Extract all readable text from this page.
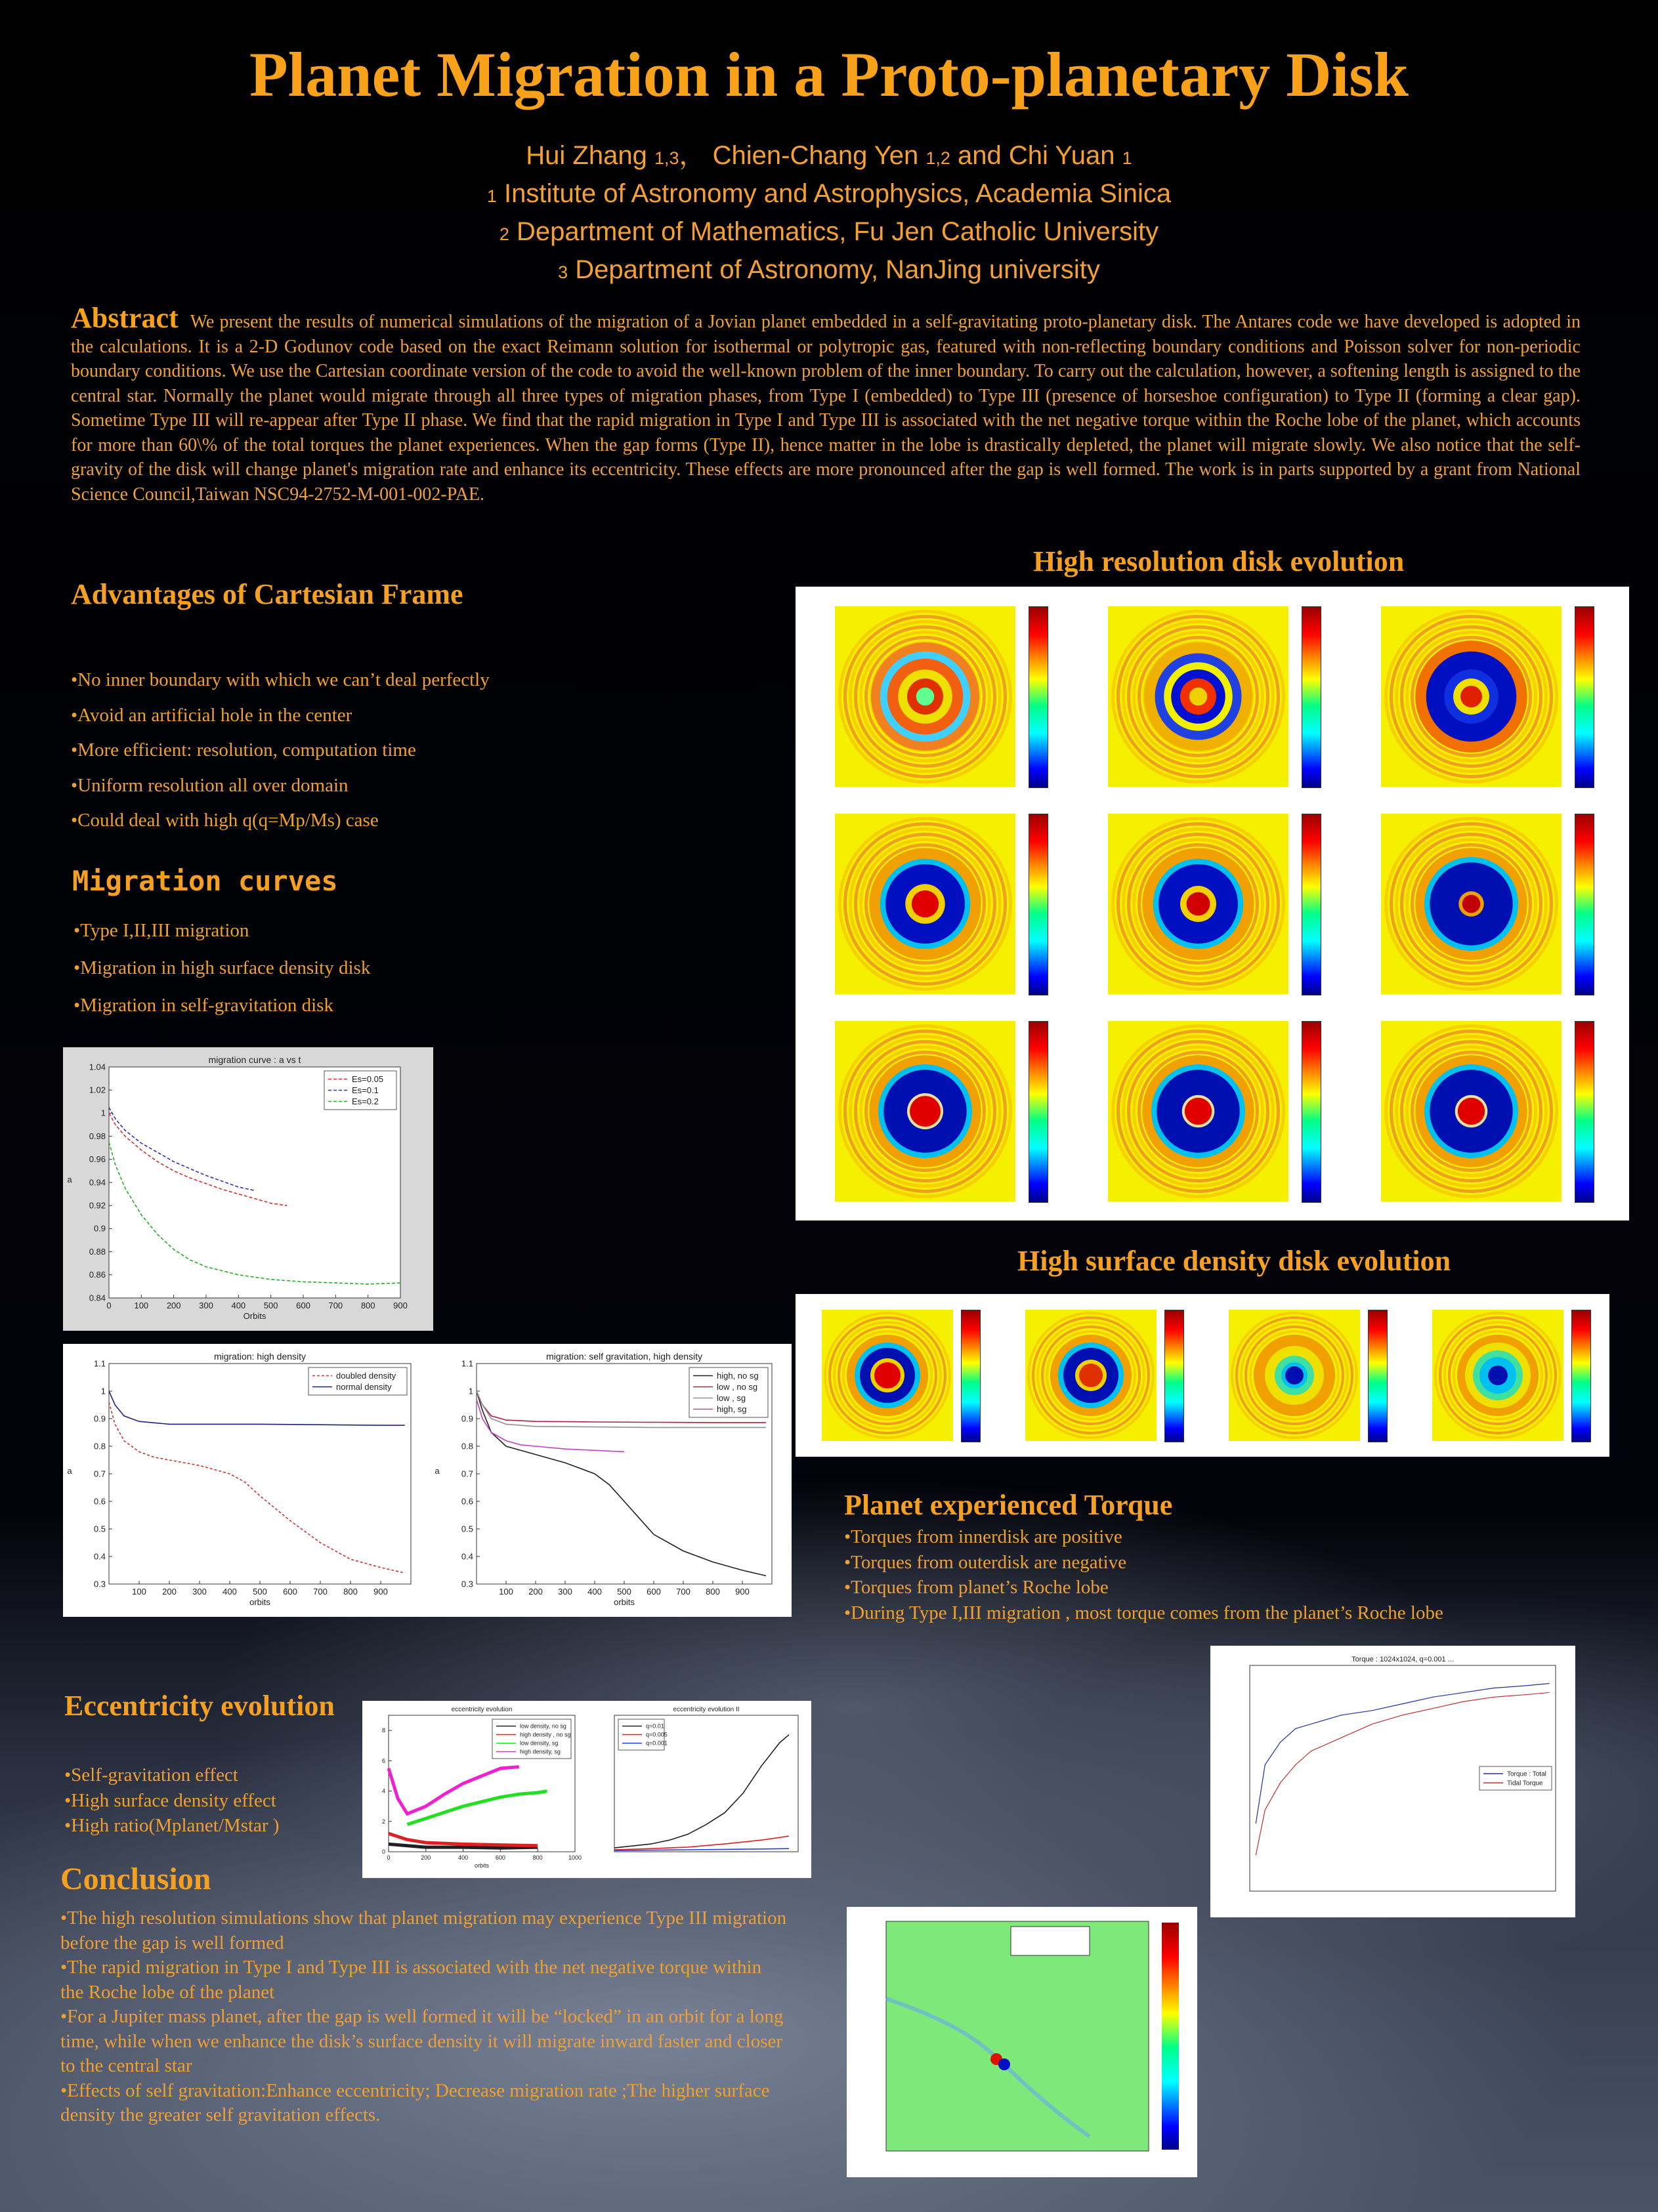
Planet Migration in a Proto-planetary Disk
Hui Zhang 1,3， Chien-Chang Yen 1,2 and Chi Yuan 1
1 Institute of Astronomy and Astrophysics, Academia Sinica
2 Department of Mathematics, Fu Jen Catholic University
3 Department of Astronomy, NanJing university
Abstract We present the results of numerical simulations of the migration of a Jovian planet embedded in a self-gravitating proto-planetary disk. The Antares code we have developed is adopted in the calculations. It is a 2-D Godunov code based on the exact Reimann solution for isothermal or polytropic gas, featured with non-reflecting boundary conditions and Poisson solver for non-periodic boundary conditions. We use the Cartesian coordinate version of the code to avoid the well-known problem of the inner boundary. To carry out the calculation, however, a softening length is assigned to the central star. Normally the planet would migrate through all three types of migration phases, from Type I (embedded) to Type III (presence of horseshoe configuration) to Type II (forming a clear gap). Sometime Type III will re-appear after Type II phase. We find that the rapid migration in Type I and Type III is associated with the net negative torque within the Roche lobe of the planet, which accounts for more than 60\% of the total torques the planet experiences. When the gap forms (Type II), hence matter in the lobe is drastically depleted, the planet will migrate slowly. We also notice that the self-gravity of the disk will change planet's migration rate and enhance its eccentricity. These effects are more pronounced after the gap is well formed. The work is in parts supported by a grant from National Science Council,Taiwan NSC94-2752-M-001-002-PAE.
Advantages of Cartesian Frame
•No inner boundary with which we can’t deal perfectly
•Avoid an artificial hole in the center
•More efficient: resolution, computation time
•Uniform resolution all over domain
•Could deal with high q(q=Mp/Ms) case
Migration curves
•Type I,II,III migration
•Migration in high surface density disk
•Migration in self-gravitation disk
migration curve : a vs t
0	100 200 300 400 500 600 700 800 900
0.84
0.86
0.88
0.9
0.92
0.94
0.96
0.98
1
1.02
1.04
Orbits
a
Es=0.05
Es=0.1
Es=0.2
migration: high density
100 200 300 400 500 600 700 800 900
0.3
0.4
0.5
0.6
0.7
0.8
0.9
1
1.1
orbits
a
doubled density
normal density
migration: self gravitation, high density
100 200 300 400 500 600 700 800 900
0.3
0.4
0.5
0.6
0.7
0.8
0.9
1
1.1
orbits
a
high, no sg
low , no sg
low , sg
high, sg
High resolution disk evolution
High surface density disk evolution
Planet experienced Torque
•Torques from innerdisk are positive
•Torques from outerdisk are negative
•Torques from planet’s Roche lobe
•During Type I,III migration , most torque comes from the planet’s Roche lobe
Torque : 1024x1024, q=0.001 ...
Torque : Total
Tidal Torque
Eccentricity evolution
•Self-gravitation effect
•High surface density effect
•High ratio(Mplanet/Mstar )
eccentricity evolution
0	200	400	600	800	1000
0
2
4
6
8
orbits
low density, no sg
high density , no sg
low density, sg
high density, sg
eccentricity evolution II
q=0.01
q=0.005
q=0.001
Conclusion
•The high resolution simulations show that planet migration may experience Type III migration before the gap is well formed
•The rapid migration in Type I and Type III is associated with the net negative torque within the Roche lobe of the planet
•For a Jupiter mass planet, after the gap is well formed it will be “locked” in an orbit for a long time, while when we enhance the disk’s surface density it will migrate inward faster and closer to the central star
•Effects of self gravitation:Enhance eccentricity; Decrease migration rate ;The higher surface density the greater self gravitation effects.
